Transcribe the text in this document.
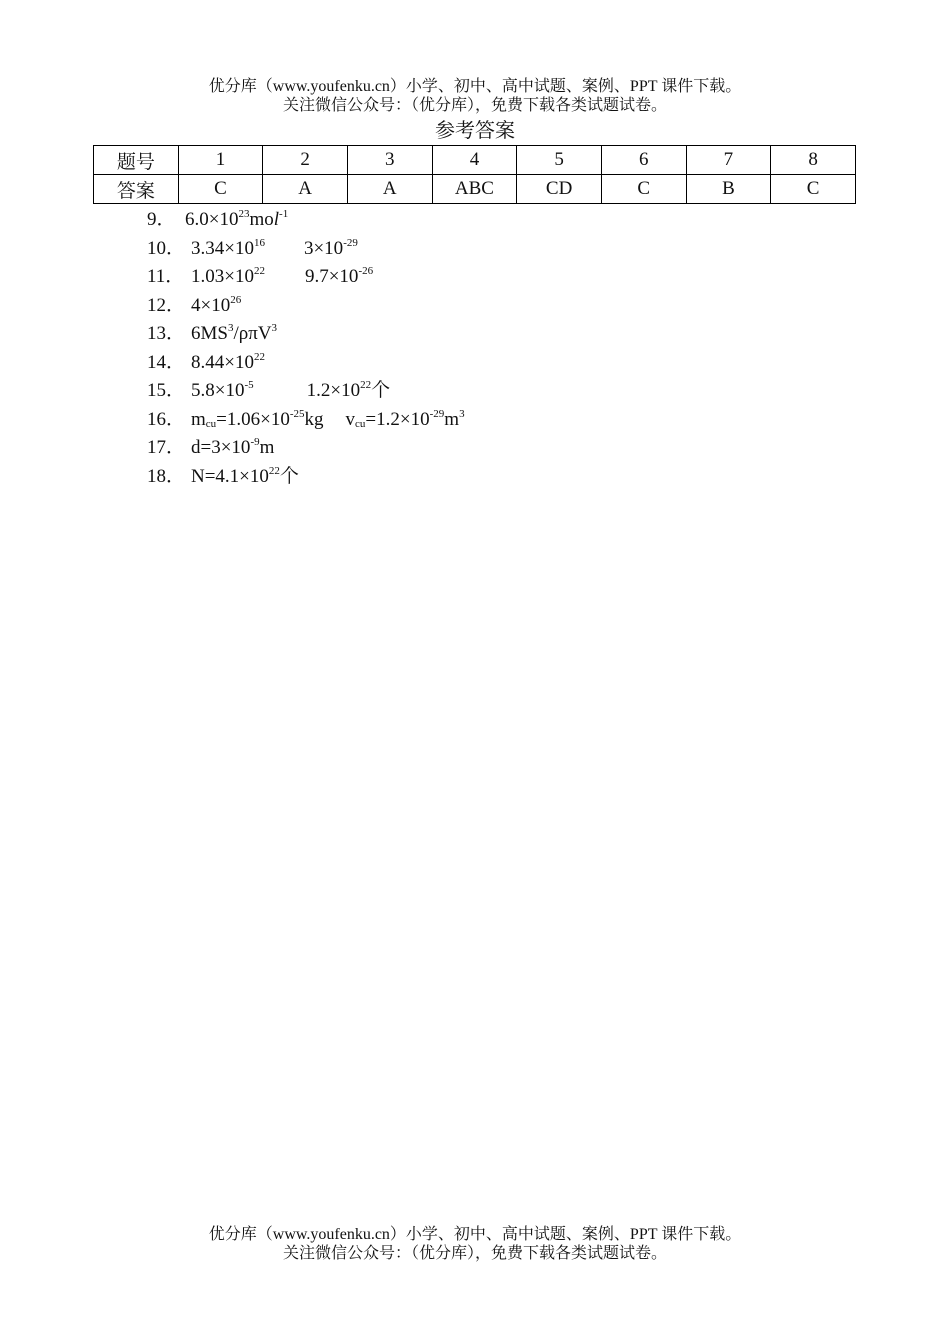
优分库（www.youfenku.cn）小学、初中、高中试题、案例、PPT 课件下载。
关注微信公众号：（优分库），免费下载各类试题试卷。
参考答案
题号	1	2	3	4	5	6	7	8
答案	C	A	A	ABC	CD	C	B	C
9． $6.0\times 10^{23}mol^{-1}$
10． $3.34\times 10^{16}$ $3\times 10^{-29}$
11． $1.03\times 10^{22}$ $9.7\times 10^{-26}$
12． $4\times 10^{26}$
13． $6MS^3/\rho\pi V^3$
14． $8.44\times 10^{22}$
15． $5.8\times 10^{-5}$	$1.2\times 10^{22}$个
16． $m_{cu}=1.06\times 10^{-25}kg$ $v_{cu}=1.2\times 10^{-29}m^3$
17． $d=3\times 10^{-9}m$
18． $N=4.1\times 10^{22}$个
优分库（www.youfenku.cn）小学、初中、高中试题、案例、PPT 课件下载。
关注微信公众号：（优分库），免费下载各类试题试卷。
